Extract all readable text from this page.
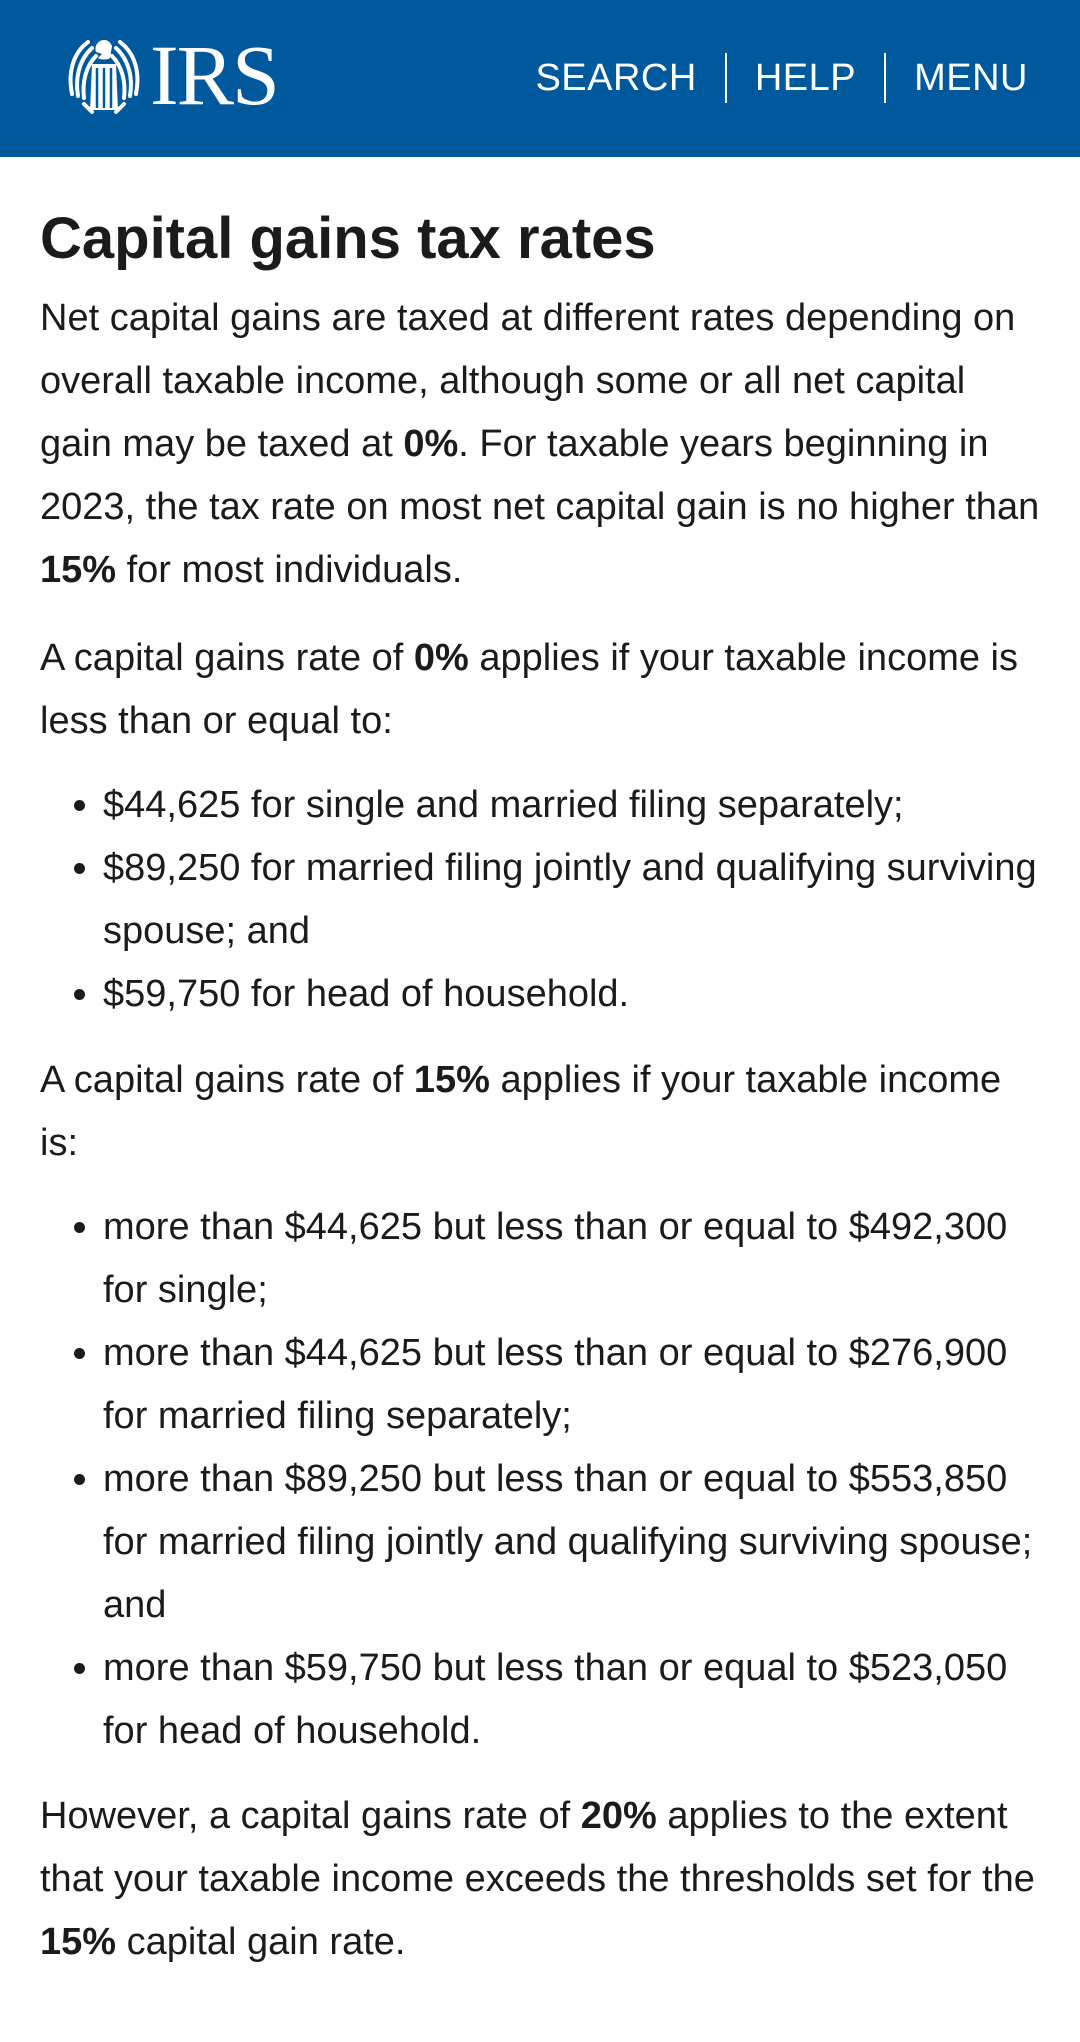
IRS	SEARCH	HELP	MENU
Capital gains tax rates

Net capital gains are taxed at different rates depending on overall taxable income, although some or all net capital gain may be taxed at 0%. For taxable years beginning in 2023, the tax rate on most net capital gain is no higher than 15% for most individuals.

A capital gains rate of 0% applies if your taxable income is less than or equal to:

• $44,625 for single and married filing separately;
• $89,250 for married filing jointly and qualifying surviving spouse; and
• $59,750 for head of household.

A capital gains rate of 15% applies if your taxable income is:

• more than $44,625 but less than or equal to $492,300 for single;
• more than $44,625 but less than or equal to $276,900 for married filing separately;
• more than $89,250 but less than or equal to $553,850 for married filing jointly and qualifying surviving spouse; and
• more than $59,750 but less than or equal to $523,050 for head of household.

However, a capital gains rate of 20% applies to the extent that your taxable income exceeds the thresholds set for the 15% capital gain rate.
